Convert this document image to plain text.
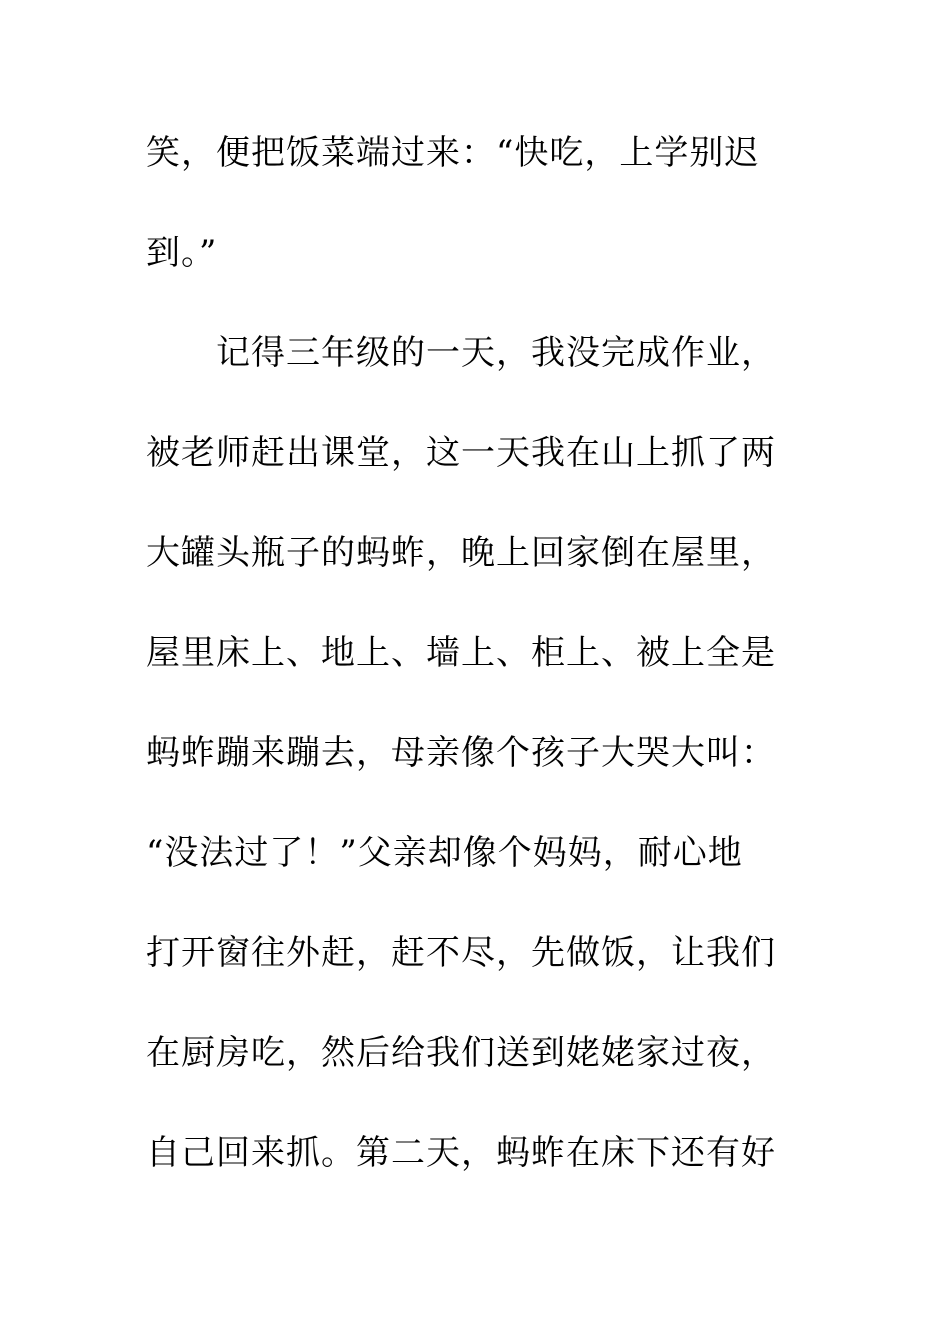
笑，便把饭菜端过来：“快吃，上学别迟
到。”
记得三年级的一天，我没完成作业，
被老师赶出课堂，这一天我在山上抓了两
大罐头瓶子的蚂蚱，晚上回家倒在屋里，
屋里床上、地上、墙上、柜上、被上全是
蚂蚱蹦来蹦去，母亲像个孩子大哭大叫：
“没法过了！”父亲却像个妈妈，耐心地
打开窗往外赶，赶不尽，先做饭，让我们
在厨房吃，然后给我们送到姥姥家过夜，
自己回来抓。第二天，蚂蚱在床下还有好
